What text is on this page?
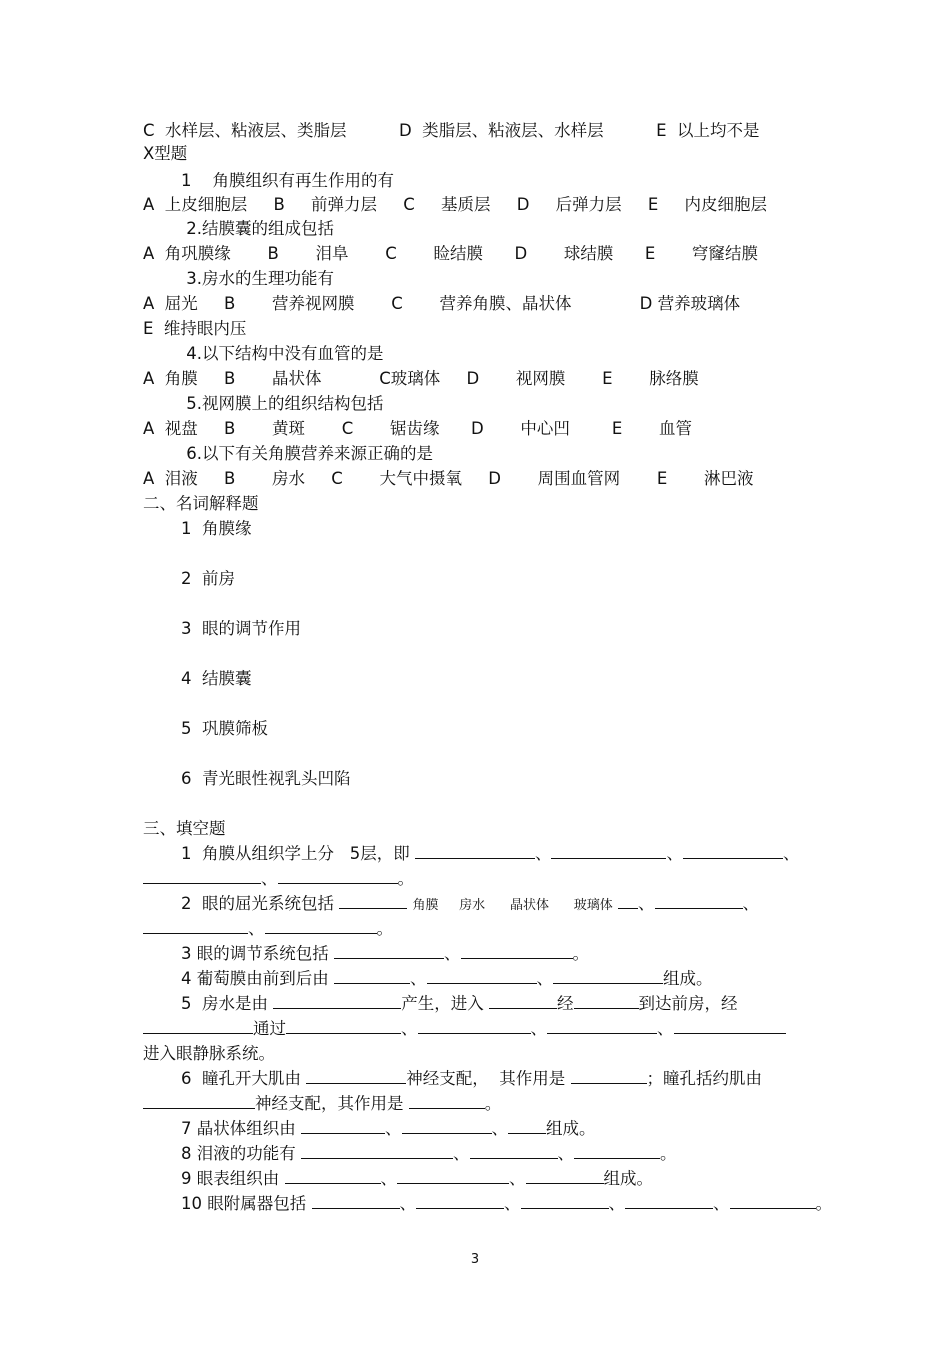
C  水样层、粘液层、类脂层          D  类脂层、粘液层、水样层          E  以上均不是
X型题
1    角膜组织有再生作用的有
A  上皮细胞层     B     前弹力层     C     基质层     D     后弹力层     E     内皮细胞层
2.结膜囊的组成包括
A  角巩膜缘       B       泪阜       C       睑结膜      D       球结膜      E       穹窿结膜
3.房水的生理功能有
A  屈光     B       营养视网膜       C       营养角膜、晶状体             D 营养玻璃体
E  维持眼内压
4.以下结构中没有血管的是
A  角膜     B       晶状体           C玻璃体     D       视网膜       E       脉络膜
5.视网膜上的组织结构包括
A  视盘     B       黄斑       C       锯齿缘      D       中心凹        E       血管
6.以下有关角膜营养来源正确的是
A  泪液     B       房水     C       大气中摄氧     D       周围血管网       E       淋巴液
二、名词解释题
1  角膜缘
2  前房
3  眼的调节作用
4  结膜囊
5  巩膜筛板
6  青光眼性视乳头凹陷
三、填空题
1  角膜从组织学上分   5层，即	、	、	、
、	。
2  眼的屈光系统包括	角膜     房水      晶状体      玻璃体 、	、
、	。
3 眼的调节系统包括	、	。
4 葡萄膜由前到后由	、	、	组成。
5  房水是由	产生，进入	经	到达前房，经
通过	、	、	、
进入眼静脉系统。
6  瞳孔开大肌由	神经支配，  其作用是	；瞳孔括约肌由
神经支配，其作用是	。
7 晶状体组织由	、	、 组成。
8 泪液的功能有	、	、	。
9 眼表组织由	、	、	组成。
10 眼附属器包括	、	、	、	、	。
3
